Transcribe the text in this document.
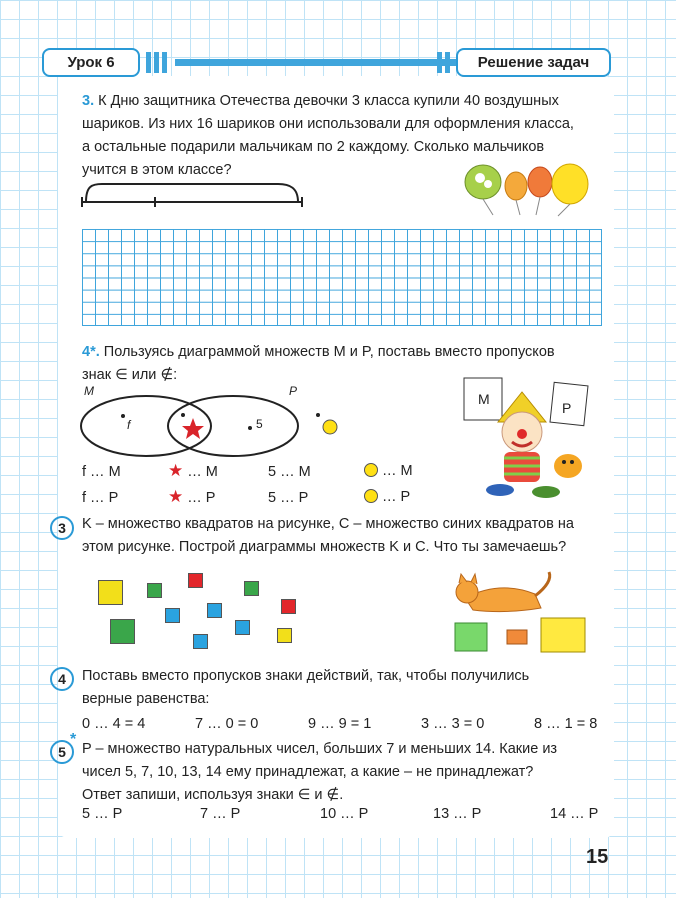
Урок 6	Решение задач
3. К Дню защитника Отечества девочки 3 класса купили 40 воздушных
шариков. Из них 16 шариков они использовали для оформления класса,
а остальные подарили мальчикам по 2 каждому. Сколько мальчиков
учится в этом классе?
4*. Пользуясь диаграммой множеств M и P, поставь вместо пропусков
знак ∈ или ∉:
M	P
f	5
f … M	★ … M	5 … M	… M
f … P	★ … P	5 … P	… P
M
P
3	K – множество квадратов на рисунке, C – множество синих квадратов на
этом рисунке. Построй диаграммы множеств K и C. Что ты замечаешь?
4	Поставь вместо пропусков знаки действий, так, чтобы получились
верные равенства:
0 … 4 = 4	7 … 0 = 0	9 … 9 = 1	3 … 3 = 0	8 … 1 = 8
*
5	P – множество натуральных чисел, больших 7 и меньших 14. Какие из
чисел 5, 7, 10, 13, 14 ему принадлежат, а какие – не принадлежат?
Ответ запиши, используя знаки ∈ и ∉.
5 … P	7 … P	10 … P	13 … P	14 … P
15
